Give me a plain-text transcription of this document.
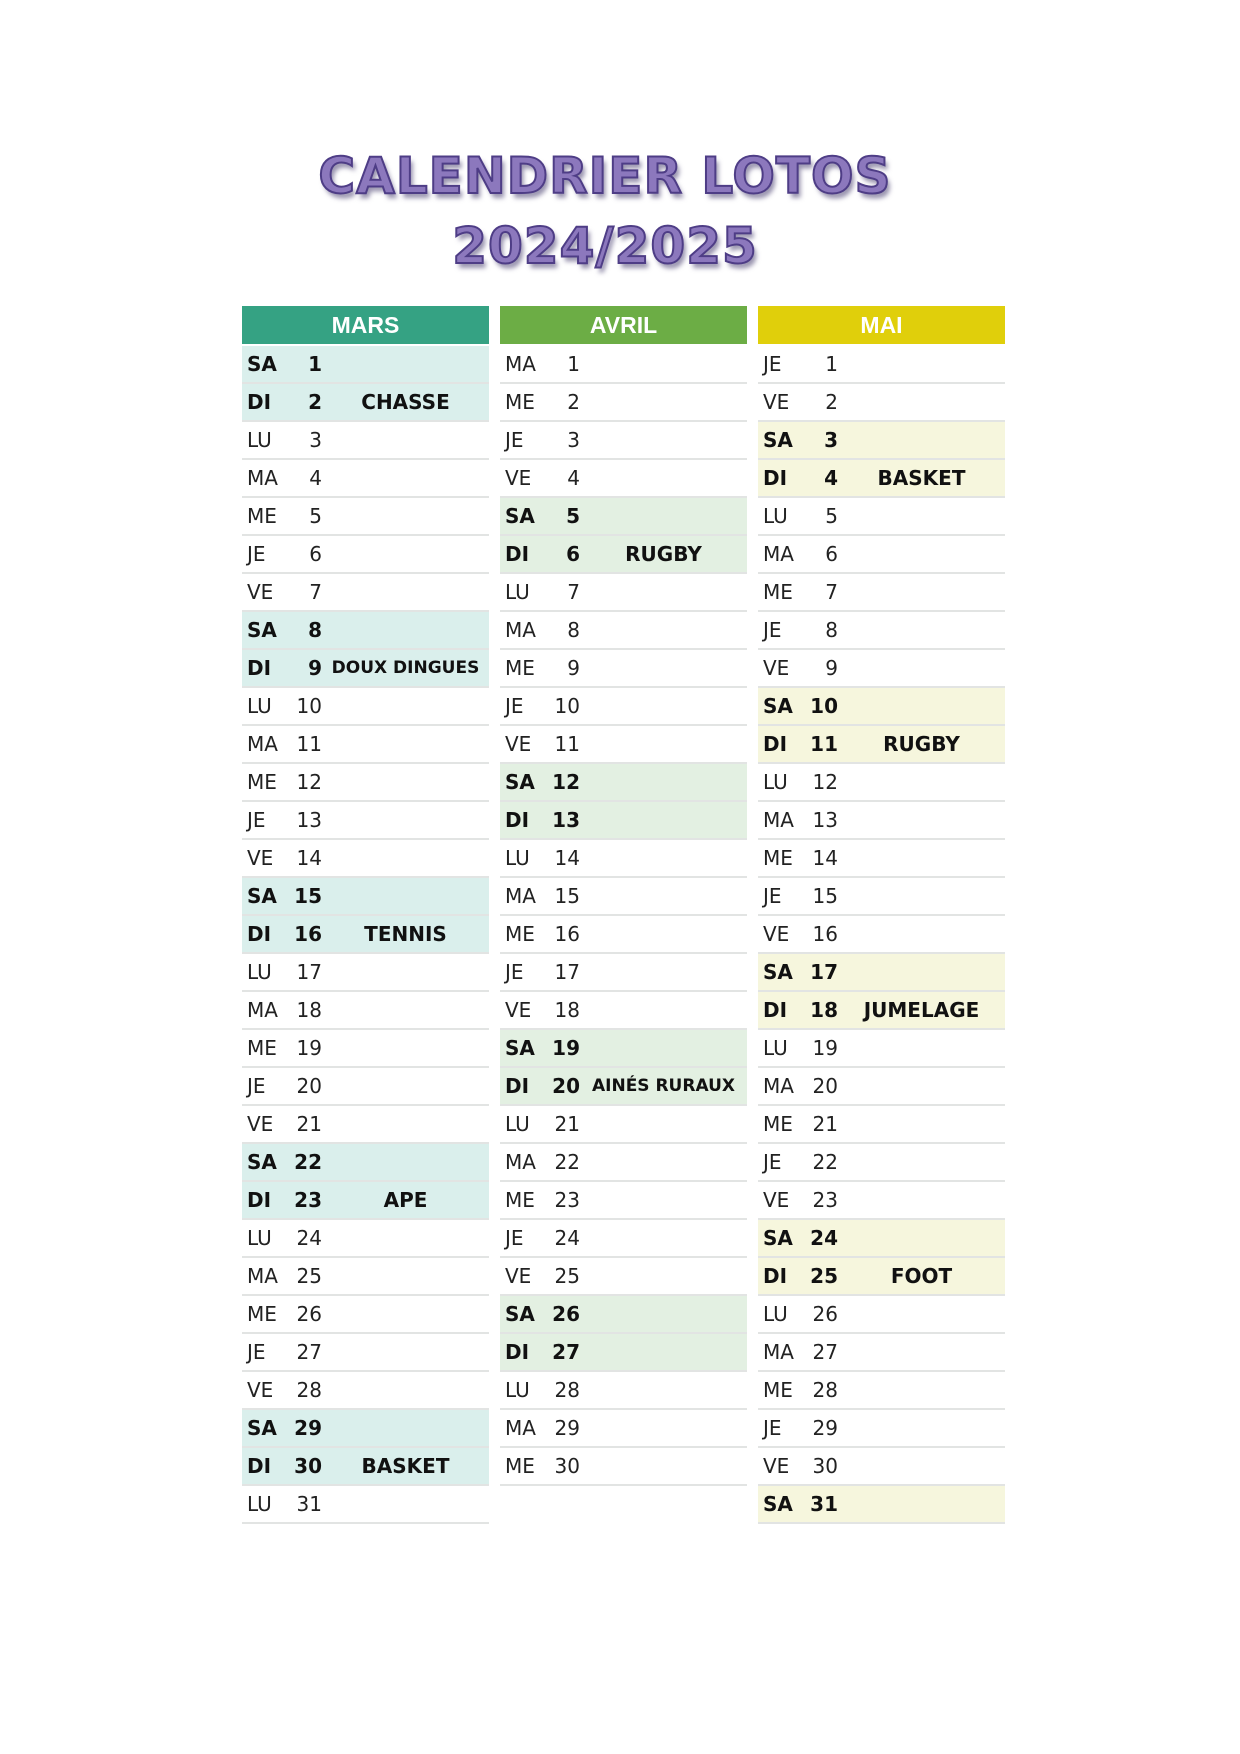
CALENDRIER LOTOS
2024/2025
MARS
SA	1
DI	2	CHASSE
LU	3
MA	4
ME	5
JE	6
VE	7
SA	8
DI	9 DOUX DINGUES
LU 10
MA 11
ME 12
JE 13
VE 14
SA 15
DI 16	TENNIS
LU 17
MA 18
ME 19
JE 20
VE 21
SA 22
DI 23	APE
LU 24
MA 25
ME 26
JE 27
VE 28
SA 29
DI 30	BASKET
LU 31
AVRIL
MA	1
ME	2
JE	3
VE	4
SA	5
DI	6	RUGBY
LU	7
MA	8
ME	9
JE 10
VE 11
SA 12
DI 13
LU 14
MA 15
ME 16
JE 17
VE 18
SA 19
DI 20 AINÉS RURAUX
LU 21
MA 22
ME 23
JE 24
VE 25
SA 26
DI 27
LU 28
MA 29
ME 30
MAI
JE	1
VE	2
SA	3
DI	4	BASKET
LU	5
MA	6
ME	7
JE	8
VE	9
SA 10
DI 11	RUGBY
LU 12
MA 13
ME 14
JE 15
VE 16
SA 17
DI 18	JUMELAGE
LU 19
MA 20
ME 21
JE 22
VE 23
SA 24
DI 25	FOOT
LU 26
MA 27
ME 28
JE 29
VE 30
SA 31
